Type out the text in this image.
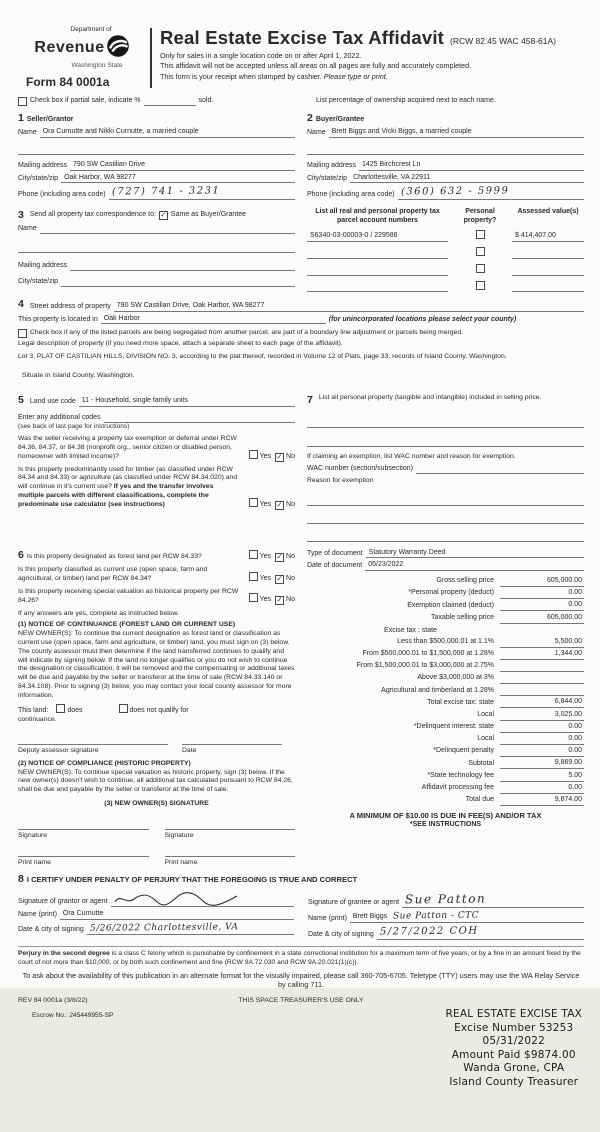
Department of
Revenue
Washington State
Form 84 0001a
Real Estate Excise Tax Affidavit (RCW 82.45 WAC 458-61A)
Only for sales in a single location code on or after April 1, 2022.
This affidavit will not be accepted unless all areas on all pages are fully and accurately completed.
This form is your receipt when stamped by cashier. Please type or print.
Check box if partial sale, indicate %	sold.	List percentage of ownership acquired next to each name.
1 Seller/Grantor
Name Ora Curnutte and Nikki Curnutte, a married couple
Mailing address 790 SW Castilian Drive
City/state/zip Oak Harbor, WA 98277
Phone (including area code) (727) 741 - 3231
2 Buyer/Grantee
Name Brett Biggs and Vicki Biggs, a married couple
Mailing address 1425 Birchcrest Ln
City/state/zip Charlottesville, VA 22911
Phone (including area code) (360) 632 - 5999
3 Send all property tax correspondence to: ✓ Same as Buyer/Grantee
Name
Mailing address
City/state/zip
List all real and personal property tax parcel account numbers
Personal property?
Assessed value(s)
S6340-03-00003-0 / 229586	$ 414,407.00
4 Street address of property 790 SW Castilian Drive, Oak Harbor, WA 98277
This property is located in Oak Harbor	(for unincorporated locations please select your county)
Check box if any of the listed parcels are being segregated from another parcel, are part of a boundary line adjustment or parcels being merged.
Legal description of property (if you need more space, attach a separate sheet to each page of the affidavit).
Lot 3, PLAT OF CASTILIAN HILLS, DIVISION NO. 3, according to the plat thereof, recorded in Volume 12 of Plats, page 33, records of Island County, Washington.
Situate in Island County, Washington.
5 Land use code 11 - Household, single family units
Enter any additional codes
(see back of last page for instructions)
Was the seller receiving a property tax exemption or deferral under RCW 84.36, 84.37, or 84.38 (nonprofit org., senior citizen or disabled person, homeowner with limited income)?	Yes ✓ No
Is this property predominantly used for timber (as classified under RCW 84.34 and 84.33) or agriculture (as classified under RCW 84.34.020) and will continue in it's current use? If yes and the transfer involves multiple parcels with different classifications, complete the predominate use calculator (see instructions)	Yes ✓ No
7 List all personal property (tangible and intangible) included in selling price.
If claiming an exemption, list WAC number and reason for exemption.
WAC number (section/subsection)
Reason for exemption
6 Is this property designated as forest land per RCW 84.33?	Yes ✓ No
Is this property classified as current use (open space, farm and agricultural, or timber) land per RCW 84.34?	Yes ✓ No
Is this property receiving special valuation as historical property per RCW 84.26?	Yes ✓ No
If any answers are yes, complete as instructed below.
(1) NOTICE OF CONTINUANCE (FOREST LAND OR CURRENT USE)
NEW OWNER(S): To continue the current designation as forest land or classification as current use (open space, farm and agriculture, or timber) land, you must sign on (3) below. The county assessor must then determine if the land transferred continues to qualify and will indicate by signing below. If the land no longer qualifies or you do not wish to continue the designation or classification, it will be removed and the compensating or additional taxes will be due and payable by the seller or transferor at the time of sale (RCW 84.33.140 or 84.34.108). Prior to signing (3) below, you may contact your local county assessor for more information.
This land:	does	does not qualify for
continuance.
Deputy assessor signature	Date
(2) NOTICE OF COMPLIANCE (HISTORIC PROPERTY)
NEW OWNER(S): To continue special valuation as historic property, sign (3) below. If the new owner(s) doesn't wish to continue, all additional tax calculated pursuant to RCW 84.26, shall be due and payable by the seller or transferor at the time of sale.
(3) NEW OWNER(S) SIGNATURE
Signature	Signature
Print name	Print name
Type of document Statutory Warranty Deed
Date of document 05/23/2022
Gross selling price	605,000.00
*Personal property (deduct)	0.00
Exemption claimed (deduct)	0.00
Taxable selling price	605,000.00
Excise tax : state
Less than $500,000.01 at 1.1%	5,500.00
From $500,000.01 to $1,500,000 at 1.28%	1,344.00
From $1,500,000.01 to $3,000,000 at 2.75%
Above $3,000,000 at 3%
Agricultural and timberland at 1.28%
Total excise tax: state	6,844.00
Local	3,025.00
*Delinquent interest: state	0.00
Local	0.00
*Delinquent penalty	0.00
Subtotal	9,869.00
*State technology fee	5.00
Affidavit processing fee	0.00
Total due	9,874.00
A MINIMUM OF $10.00 IS DUE IN FEE(S) AND/OR TAX
*SEE INSTRUCTIONS
8 I CERTIFY UNDER PENALTY OF PERJURY THAT THE FOREGOING IS TRUE AND CORRECT
Signature of grantor or agent
Name (print) Ora Curnutte
Date & city of signing 5/26/2022 Charlottesville, VA
Signature of grantee or agent Sue Patton
Name (print) Brett Biggs Sue Patton - CTC
Date & city of signing 5/27/2022 COH
Perjury in the second degree is a class C felony which is punishable by confinement in a state correctional institution for a maximum term of five years, or by a fine in an amount fixed by the court of not more than $10,000, or by both such confinement and fine (RCW 9A.72.030 and RCW 9A.20.021(1)(c)).
To ask about the availability of this publication in an alternate format for the visually impaired, please call 360-705-6705. Teletype (TTY) users may use the WA Relay Service by calling 711.
REV 84 0001a (3/8/22)	THIS SPACE TREASURER'S USE ONLY
Escrow No.: 245449955-SP	REAL ESTATE EXCISE TAX
Excise Number 53253
05/31/2022
Amount Paid $9874.00
Wanda Grone, CPA
Island County Treasurer
